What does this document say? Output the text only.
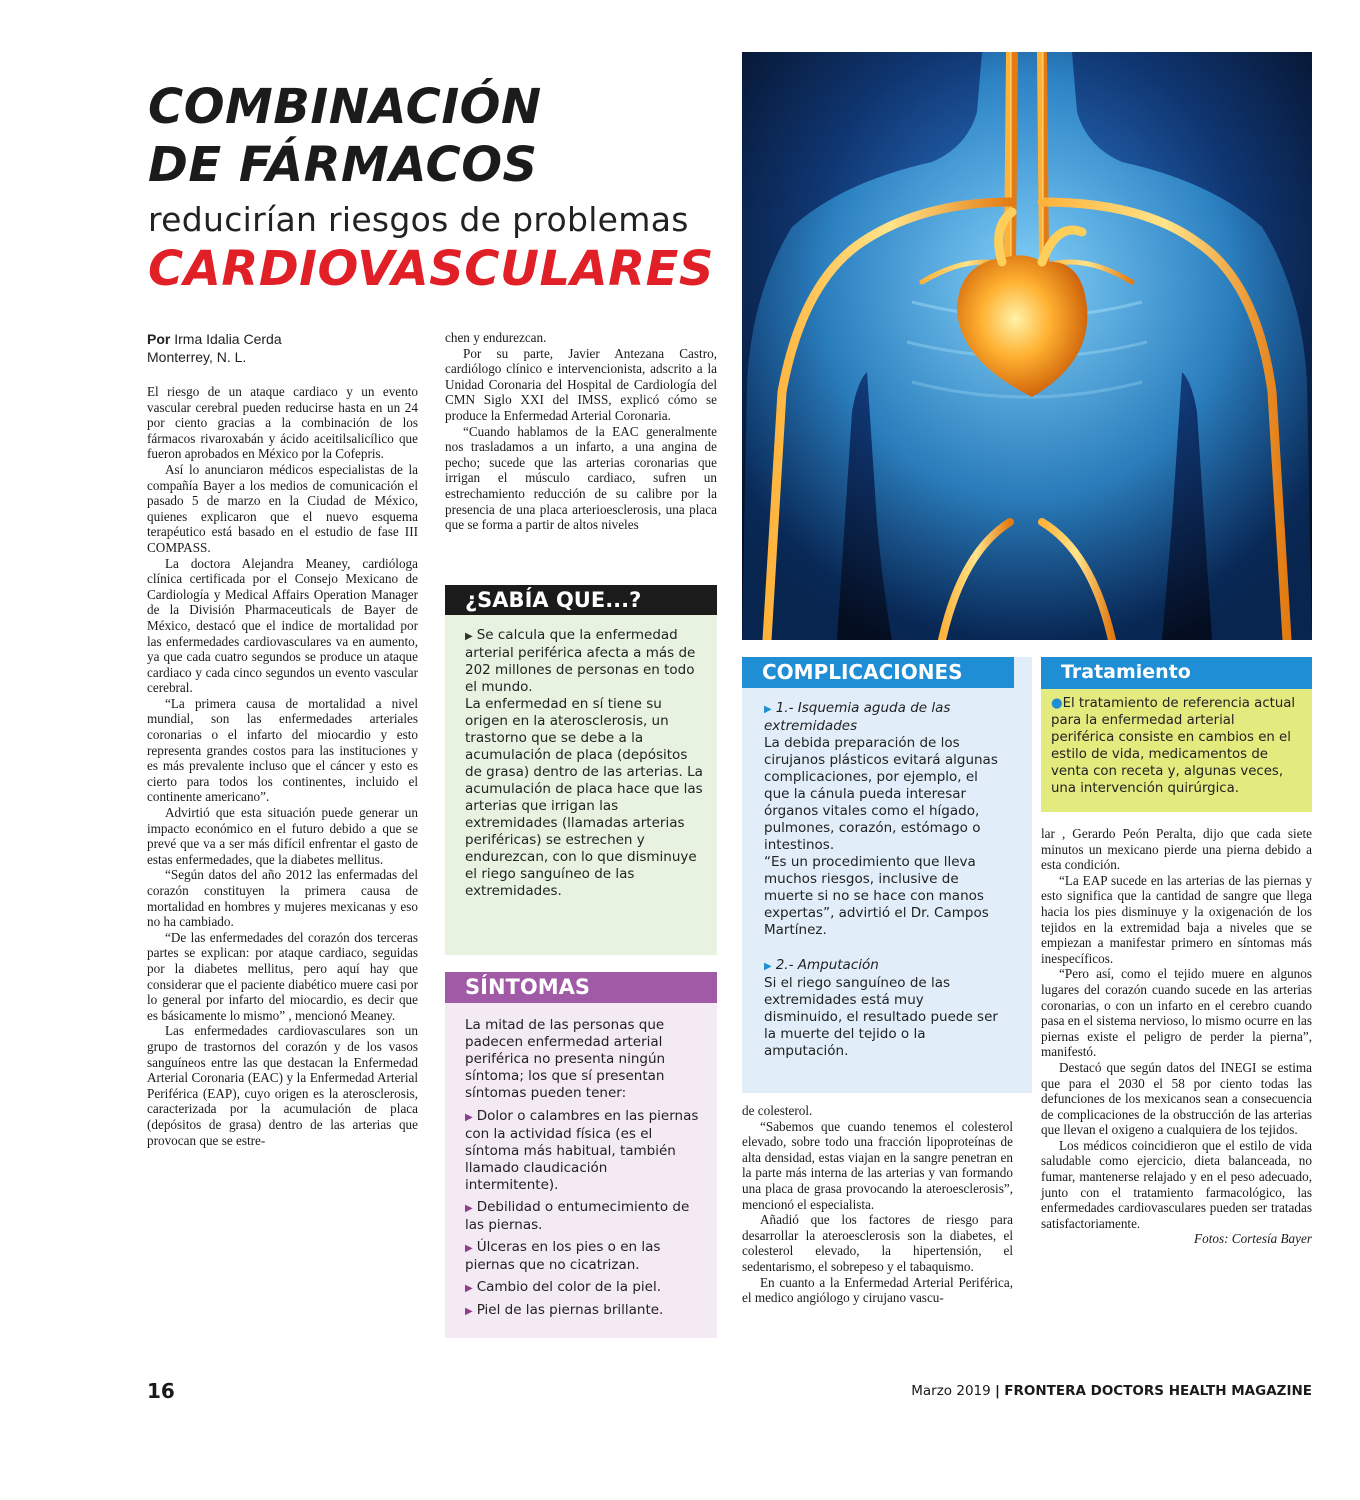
COMBINACIÓN
DE FÁRMACOS
reducirían riesgos de problemas
CARDIOVASCULARES
Por Irma Idalia Cerda
Monterrey, N. L.

El riesgo de un ataque cardiaco y un evento vascular cerebral pueden reducirse hasta en un 24 por ciento gracias a la combinación de los fármacos rivaroxabán y ácido aceitilsalicílico que fueron aprobados en México por la Cofepris.

Así lo anunciaron médicos especialistas de la compañía Bayer a los medios de comunicación el pasado 5 de marzo en la Ciudad de México, quienes explicaron que el nuevo esquema terapéutico está basado en el estudio de fase III COMPASS.

La doctora Alejandra Meaney, cardióloga clínica certificada por el Consejo Mexicano de Cardiología y Medical Affairs Operation Manager de la División Pharmaceuticals de Bayer de México, destacó que el indice de mortalidad por las enfermedades cardiovasculares va en aumento, ya que cada cuatro segundos se produce un ataque cardiaco y cada cinco segundos un evento vascular cerebral.

“La primera causa de mortalidad a nivel mundial, son las enfermedades arteriales coronarias o el infarto del miocardio y esto representa grandes costos para las instituciones y es más prevalente incluso que el cáncer y esto es cierto para todos los continentes, incluido el continente americano”.

Advirtió que esta situación puede generar un impacto económico en el futuro debido a que se prevé que va a ser más difícil enfrentar el gasto de estas enfermedades, que la diabetes mellitus.

“Según datos del año 2012 las enfermadas del corazón constituyen la primera causa de mortalidad en hombres y mujeres mexicanas y eso no ha cambiado.

“De las enfermedades del corazón dos terceras partes se explican: por ataque cardiaco, seguidas por la diabetes mellitus, pero aquí hay que considerar que el paciente diabético muere casi por lo general por infarto del miocardio, es decir que es básicamente lo mismo” , mencionó Meaney.

Las enfermedades cardiovasculares son un grupo de trastornos del corazón y de los vasos sanguíneos entre las que destacan la Enfermedad Arterial Coronaria (EAC) y la Enfermedad Arterial Periférica (EAP), cuyo origen es la aterosclerosis, caracterizada por la acumulación de placa (depósitos de grasa) dentro de las arterias que provocan que se estre-

chen y endurezcan.

Por su parte, Javier Antezana Castro, cardiólogo clínico e intervencionista, adscrito a la Unidad Coronaria del Hospital de Cardiología del CMN Siglo XXI del IMSS, explicó cómo se produce la Enfermedad Arterial Coronaria.

“Cuando hablamos de la EAC generalmente nos trasladamos a un infarto, a una angina de pecho; sucede que las arterias coronarias que irrigan el músculo cardiaco, sufren un estrechamiento reducción de su calibre por la presencia de una placa arterioesclerosis, una placa que se forma a partir de altos niveles

¿SABÍA QUE...?

▶ Se calcula que la enfermedad arterial periférica afecta a más de 202 millones de personas en todo el mundo.

La enfermedad en sí tiene su origen en la aterosclerosis, un trastorno que se debe a la acumulación de placa (depósitos de grasa) dentro de las arterias. La acumulación de placa hace que las arterias que irrigan las extremidades (llamadas arterias periféricas) se estrechen y endurezcan, con lo que disminuye el riego sanguíneo de las extremidades.

SÍNTOMAS

La mitad de las personas que padecen enfermedad arterial periférica no presenta ningún síntoma; los que sí presentan síntomas pueden tener:

▶ Dolor o calambres en las piernas con la actividad física (es el síntoma más habitual, también llamado claudicación intermitente).

▶ Debilidad o entumecimiento de las piernas.

▶ Úlceras en los pies o en las piernas que no cicatrizan.

▶ Cambio del color de la piel.

▶ Piel de las piernas brillante.

COMPLICACIONES

▶ 1.- Isquemia aguda de las extremidades

La debida preparación de los cirujanos plásticos evitará algunas complicaciones, por ejemplo, el que la cánula pueda interesar órganos vitales como el hígado, pulmones, corazón, estómago o intestinos.

“Es un procedimiento que lleva muchos riesgos, inclusive de muerte si no se hace con manos expertas”, advirtió el Dr. Campos Martínez.

▶ 2.- Amputación

Si el riego sanguíneo de las extremidades está muy disminuido, el resultado puede ser la muerte del tejido o la amputación.

Tratamiento
●El tratamiento de referencia actual para la enfermedad arterial periférica consiste en cambios en el estilo de vida, medicamentos de venta con receta y, algunas veces, una intervención quirúrgica.

de colesterol.

“Sabemos que cuando tenemos el colesterol elevado, sobre todo una fracción lipoproteínas de alta densidad, estas viajan en la sangre penetran en la parte más interna de las arterias y van formando una placa de grasa provocando la ateroesclerosis”, mencionó el especialista.

Añadió que los factores de riesgo para desarrollar la ateroesclerosis son la diabetes, el colesterol elevado, la hipertensión, el sedentarismo, el sobrepeso y el tabaquismo.

En cuanto a la Enfermedad Arterial Periférica, el medico angiólogo y cirujano vascu-

lar , Gerardo Peón Peralta, dijo que cada siete minutos un mexicano pierde una pierna debido a esta condición.

“La EAP sucede en las arterias de las piernas y esto significa que la cantidad de sangre que llega hacia los pies disminuye y la oxigenación de los tejidos en la extremidad baja a niveles que se empiezan a manifestar primero en síntomas más inespecíficos.

“Pero así, como el tejido muere en algunos lugares del corazón cuando sucede en las arterias coronarias, o con un infarto en el cerebro cuando pasa en el sistema nervioso, lo mismo ocurre en las piernas existe el peligro de perder la pierna”, manifestó.

Destacó que según datos del INEGI se estima que para el 2030 el 58 por ciento todas las defunciones de los mexicanos sean a consecuencia de complicaciones de la obstrucción de las arterias que llevan el oxigeno a cualquiera de los tejidos.

Los médicos coincidieron que el estilo de vida saludable como ejercicio, dieta balanceada, no fumar, mantenerse relajado y en el peso adecuado, junto con el tratamiento farmacológico, las enfermedades cardiovasculares pueden ser tratadas satisfactoriamente.

Fotos: Cortesía Bayer

16	Marzo 2019 | FRONTERA DOCTORS HEALTH MAGAZINE
